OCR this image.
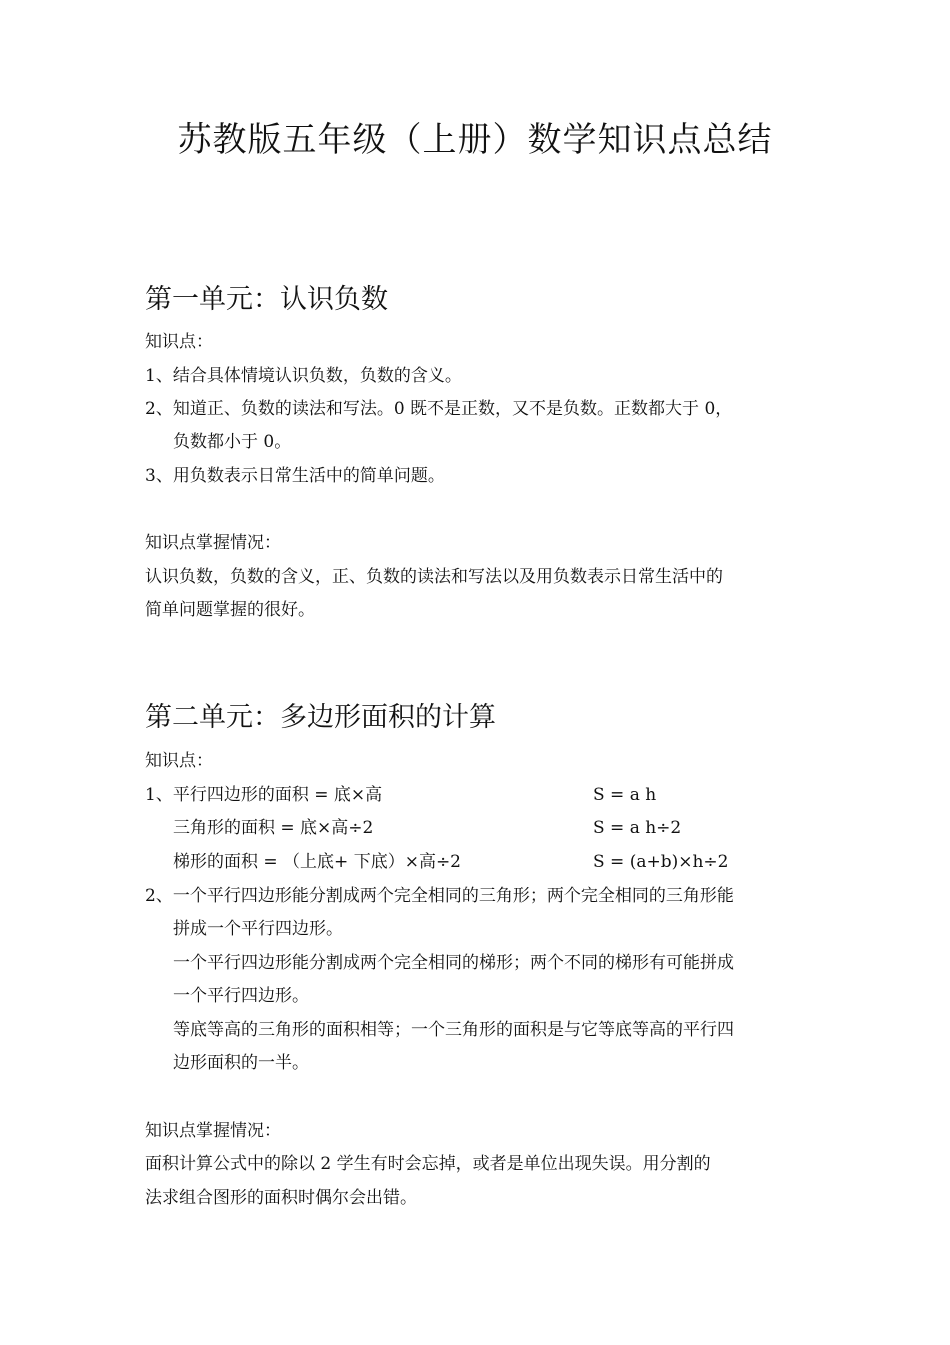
苏教版五年级（上册）数学知识点总结
第一单元：认识负数
知识点：
1、结合具体情境认识负数，负数的含义。
2、知道正、负数的读法和写法。0 既不是正数，又不是负数。正数都大于 0，
负数都小于 0。
3、用负数表示日常生活中的简单问题。
知识点掌握情况：
认识负数，负数的含义，正、负数的读法和写法以及用负数表示日常生活中的
简单问题掌握的很好。
第二单元：多边形面积的计算
知识点：
1、平行四边形的面积 = 底×高	S = a h
三角形的面积 = 底×高÷2	S = a h÷2
梯形的面积 = （上底+ 下底）×高÷2	S = (a+b)×h÷2
2、一个平行四边形能分割成两个完全相同的三角形；两个完全相同的三角形能
拼成一个平行四边形。
一个平行四边形能分割成两个完全相同的梯形；两个不同的梯形有可能拼成
一个平行四边形。
等底等高的三角形的面积相等；一个三角形的面积是与它等底等高的平行四
边形面积的一半。
知识点掌握情况：
面积计算公式中的除以 2 学生有时会忘掉，或者是单位出现失误。用分割的
法求组合图形的面积时偶尔会出错。
